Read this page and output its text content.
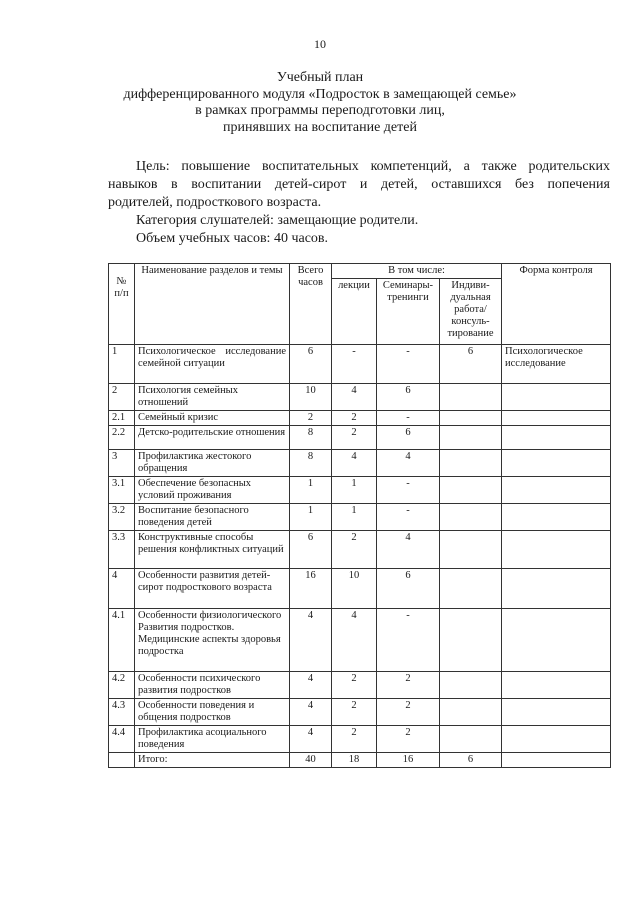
10
Учебный план
дифференцированного модуля «Подросток в замещающей семье»
в рамках программы переподготовки лиц,
принявших на воспитание детей
Цель: повышение воспитательных компетенций, а также родительских
навыков в воспитании детей-сирот и детей, оставшихся без попечения
родителей, подросткового возраста.
Категория слушателей: замещающие родители.
Объем учебных часов: 40 часов.
№ п/п	Наименование разделов и темы	Всего часов	В том числе:			Форма контроля
			лекции	Семинары-тренинги	Индиви-дуальная работа/ консуль-тирование	
1	Психологическое исследование семейной ситуации	6	-	-	6	Психологическое исследование
2	Психология семейных отношений	10	4	6		
2.1	Семейный кризис	2	2	-		
2.2	Детско-родительские отношения	8	2	6		
3	Профилактика жестокого обращения	8	4	4		
3.1	Обеспечение безопасных условий проживания	1	1	-		
3.2	Воспитание безопасного поведения детей	1	1	-		
3.3	Конструктивные способы решения конфликтных ситуаций	6	2	4		
4	Особенности развития детей- сирот подросткового возраста	16	10	6		
4.1	Особенности физиологического Развития подростков. Медицинские аспекты здоровья подростка	4	4	-		
4.2	Особенности психического развития подростков	4	2	2		
4.3	Особенности поведения и общения подростков	4	2	2		
4.4	Профилактика асоциального поведения	4	2	2		
	Итого:	40	18	16	6	
